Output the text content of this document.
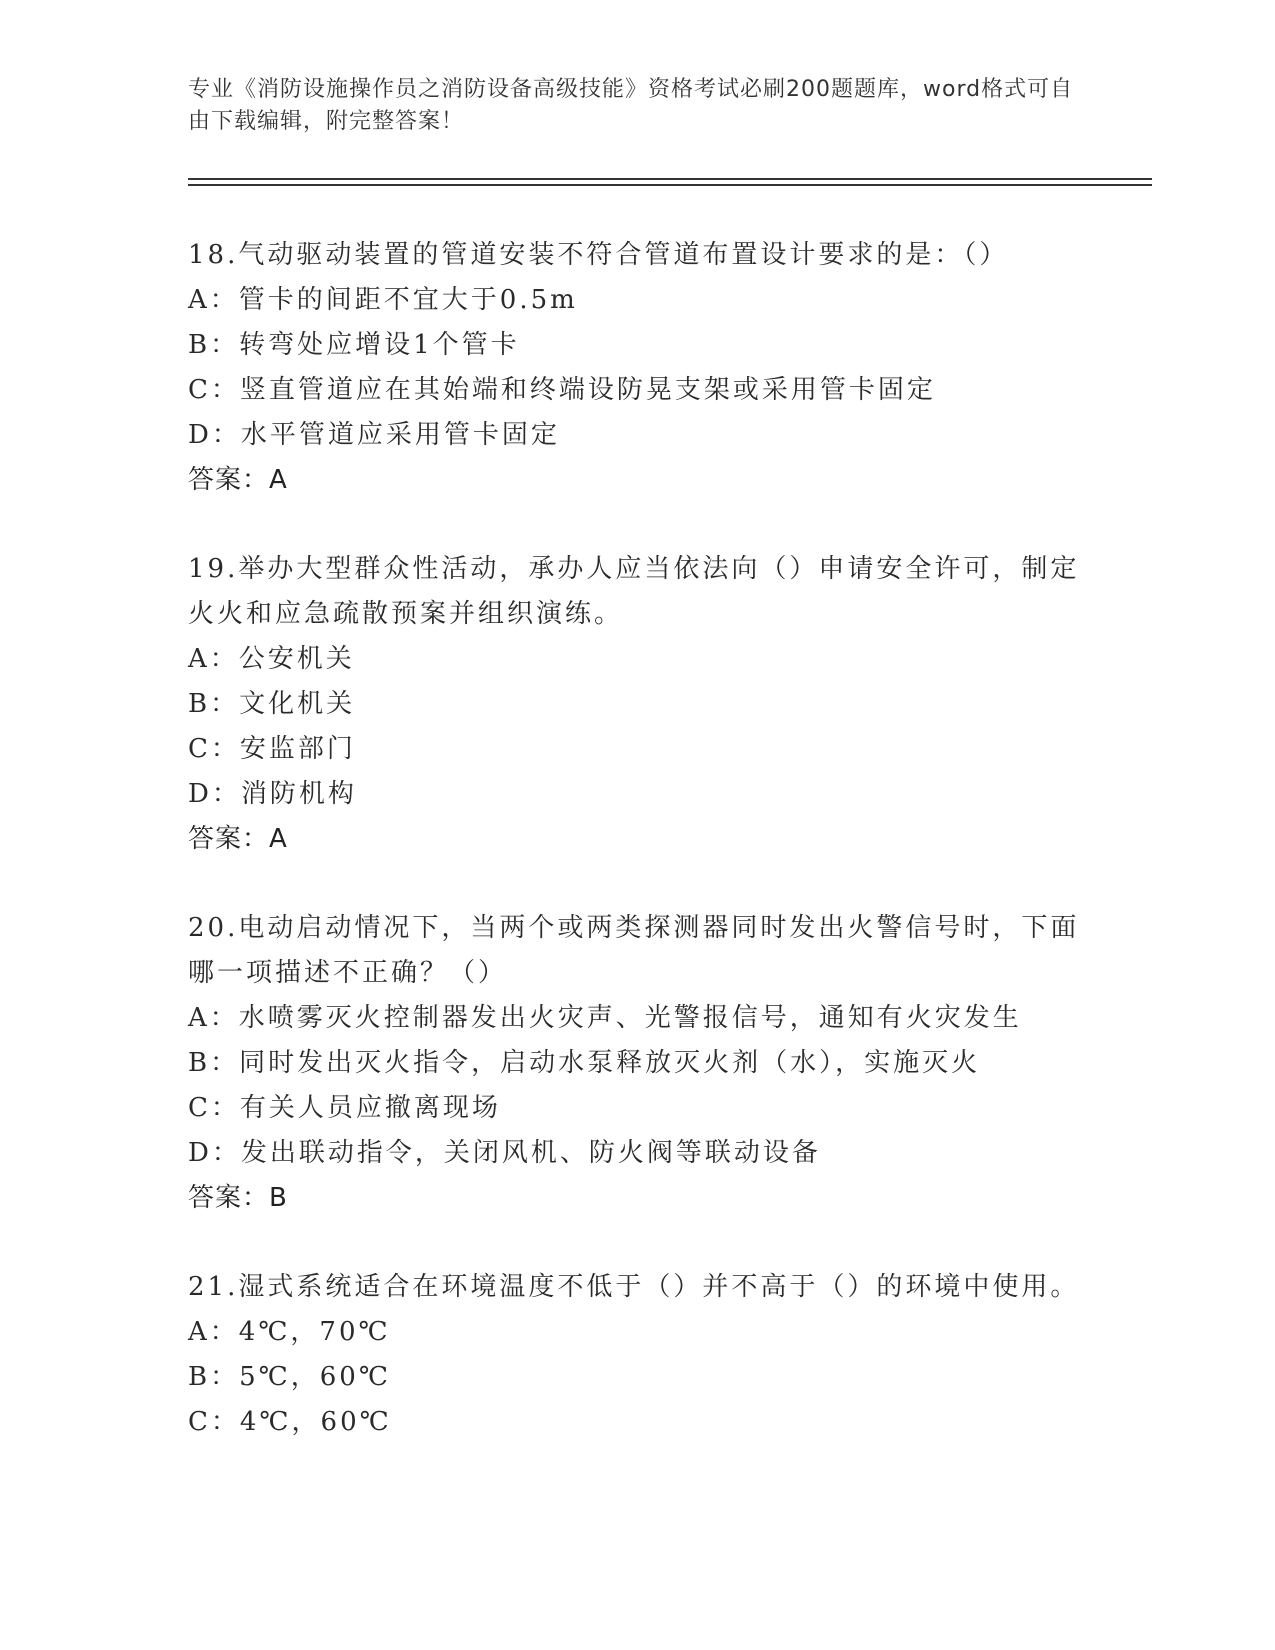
专业《消防设施操作员之消防设备高级技能》资格考试必刷200题题库，word格式可自由下载编辑，附完整答案！
18.气动驱动装置的管道安装不符合管道布置设计要求的是：（）
A：管卡的间距不宜大于0.5m
B：转弯处应增设1个管卡
C：竖直管道应在其始端和终端设防晃支架或采用管卡固定
D：水平管道应采用管卡固定
答案：A
19.举办大型群众性活动，承办人应当依法向（）申请安全许可，制定火火和应急疏散预案并组织演练。
A：公安机关
B：文化机关
C：安监部门
D：消防机构
答案：A
20.电动启动情况下，当两个或两类探测器同时发出火警信号时，下面哪一项描述不正确？（）
A：水喷雾灭火控制器发出火灾声、光警报信号，通知有火灾发生
B：同时发出灭火指令，启动水泵释放灭火剂（水），实施灭火
C：有关人员应撤离现场
D：发出联动指令，关闭风机、防火阀等联动设备
答案：B
21.湿式系统适合在环境温度不低于（）并不高于（）的环境中使用。
A：4℃，70℃
B：5℃，60℃
C：4℃，60℃
